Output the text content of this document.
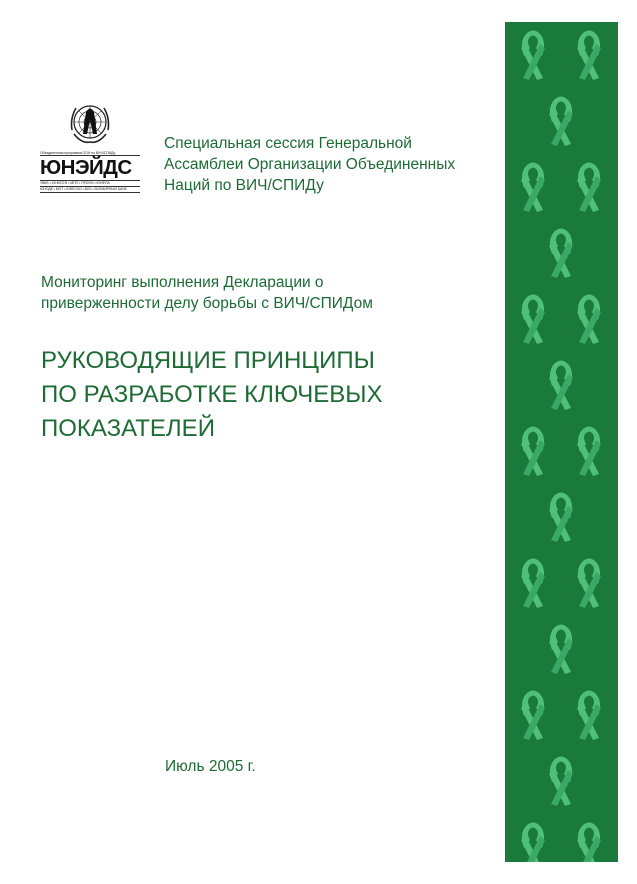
Объединенная программа ООН по ВИЧ/СПИДу
ЮНЭЙДС
УВКБ • ЮНИСЕФ • МПП • ПРООН • ЮНФПА
ЮНОДК • МОТ • ЮНЕСКО • ВОЗ • ВСЕМИРНЫЙ БАНК
Специальная сессия Генеральной
Ассамблеи Организации Объединенных
Наций по ВИЧ/СПИДу
Мониторинг выполнения Декларации о
приверженности делу борьбы с ВИЧ/СПИДом
РУКОВОДЯЩИЕ ПРИНЦИПЫ
ПО РАЗРАБОТКЕ КЛЮЧЕВЫХ
ПОКАЗАТЕЛЕЙ
Июль 2005 г.
